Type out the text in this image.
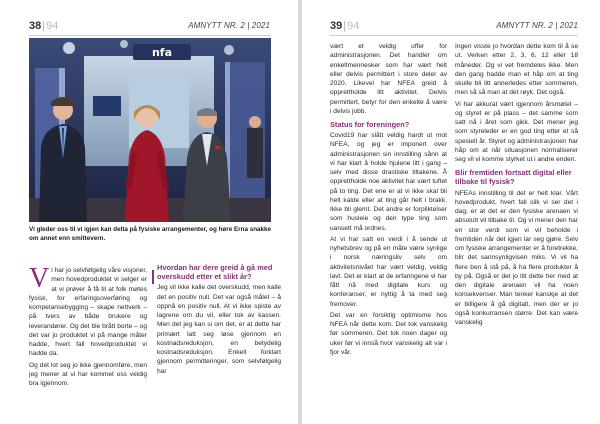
38|94	AMNYTT NR. 2 | 2021
nfa
Vi gleder oss til vi igjen kan delta på fysiske arrangementer, og høre Erna snakke om annet enn smittevern.
V i har jo selvfølgelig våre visjoner, men hovedproduktet vi selger er at vi prøver å få til at folk møtes fysisk, for erfaringsoverføring og kompetansebygging – skape nettverk – på tvers av både brukere og leverandører. Og det ble brått borte – og det var jo produktet vi på mange måter hadde, hvert fall hovedproduktet vi hadde da.

Og det lot seg jo ikke gjennomføre, men jeg mener at vi har kommet oss veldig bra igjennom.

Hvordan har dere greid å gå med overskudd etter et slikt år?

Jeg vil ikke kalle det overskudd, men kalle det en positiv null. Det var også målet – å oppnå en positiv null. At vi ikke spiste av lagrene om du vil, eller tok av kassen. Men det jeg kan si om det, er at dette har primært latt seg løse gjennom en kostnadsreduksjon, en betydelig kostnadsreduksjon. Enkelt forklart gjennom permitteringer, som selvfølgelig har

39|94	AMNYTT NR. 2 | 2021

vært et veldig offer for administrasjonen. Det handler om enkeltmennesker som har vært helt eller delvis permittert i store deler av 2020. Likevel har NFEA greid å opprettholde litt aktivitet. Delvis permittert, betyr for den enkelte å være i delvis jobb.

Status for foreningen?

Covid19 har slått veldig hardt ut mot NFEA, og jeg er imponert over administrasjonen sin innstilling sånn at vi har klart å holde hjulene litt i gang – selv med disse drastiske tiltakene. Å opprettholde noe aktivitet har vært tuftet på to ting. Det ene er at vi ikke skal bli helt kalde eller at ting går helt i brakk. Ikke bli glemt. Det andre er forpliktelser som husleie og den type ting som uansett må ordnes.

At vi har satt en verdi i å sende ut nyhetsbrev og på en måte være synlige i norsk næringsliv selv om aktivitetsnivået har vært veldig, veldig lavt. Det er klart at de erfaringene vi har fått nå med digitale kurs og konferanser, er nyttig å ta med seg fremover.

Det var en forsiktig optimisme hos NFEA når dette kom. Det tok vanskelig før sommeren. Det tok noen dager og uker før vi innså hvor vanskelig alt var i fjor vår.

Ingen visste jo hvordan dette kom til å se ut. Verken etter 2, 3, 6, 12 eller 18 måneder. Og vi vet fremdeles ikke. Men den gang hadde man et håp om at ting skulle bli litt annerledes etter sommeren, men så så man at det røyk. Det også.

Vi har akkurat vært igjennom årsmøtet – og styret er på plass – det samme som satt nå i året som gikk. Det mener jeg som styreleder er en god ting etter et så spesielt år. Styret og administrasjonen har håp om at når situasjonen normaliserer seg vil vi komme styrket ut i andre enden.

Blir fremtiden fortsatt digital eller tilbake til fysisk?

NFEAs innstilling til det er helt klar. Vårt hovedprodukt, hvert fall slik vi ser det i dag, er at det er den fysiske arenaen vi absolutt vil tilbake til. Og vi mener den har en stor verdi som vi vil beholde i fremtiden når det igjen lar seg gjøre. Selv om fysiske arrangementer er å foretrekke, blir det sannsynligvisen miks. Vi vil ha flere ben å stå på, å ha flere produkter å by på. Også er det jo litt dette her med at den digitale arenaen vil ha noen konsekvenser. Man tenker kanskje at det er billigere å gå digitalt, men der er jo også konkurransen større. Det kan være vanskelig
